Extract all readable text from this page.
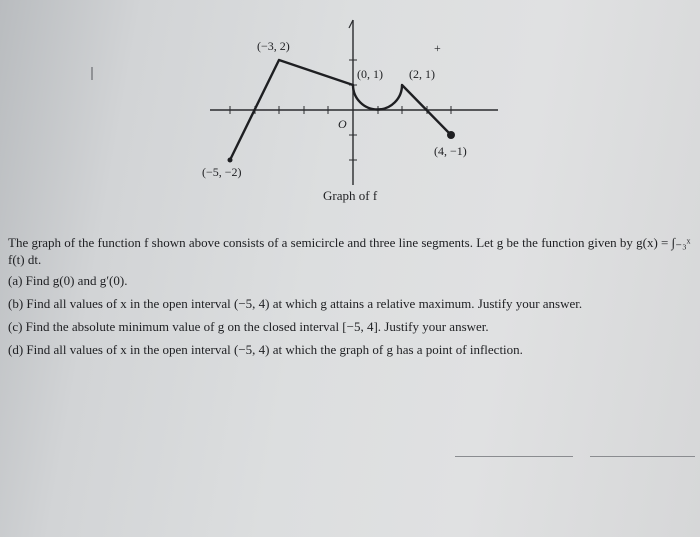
(−3, 2)
(0, 1) (2, 1)
(4, −1)
(−5, −2)
O
+
Graph of f

The graph of the function f shown above consists of a semicircle and three line segments. Let g be the function given by g(x) = ∫₋₃ˣ f(t) dt.

(a) Find g(0) and g′(0).

(b) Find all values of x in the open interval (−5, 4) at which g attains a relative maximum. Justify your answer.

(c) Find the absolute minimum value of g on the closed interval [−5, 4]. Justify your answer.

(d) Find all values of x in the open interval (−5, 4) at which the graph of g has a point of inflection.
